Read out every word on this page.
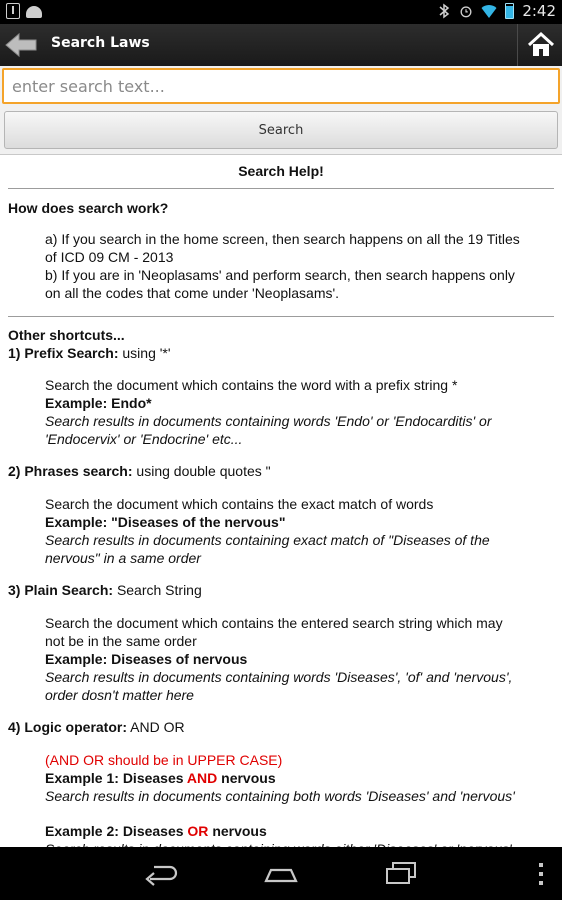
2:42
Search Laws
enter search text...
Search
Search Help!
How does search work?
a) If you search in the home screen, then search happens on all the 19 Titles
of ICD 09 CM - 2013
b) If you are in 'Neoplasams' and perform search, then search happens only
on all the codes that come under 'Neoplasams'.
Other shortcuts...
1) Prefix Search: using '*'
Search the document which contains the word with a prefix string *
Example: Endo*
Search results in documents containing words 'Endo' or 'Endocarditis' or
'Endocervix' or 'Endocrine' etc...
2) Phrases search: using double quotes "
Search the document which contains the exact match of words
Example: "Diseases of the nervous"
Search results in documents containing exact match of "Diseases of the
nervous" in a same order
3) Plain Search: Search String
Search the document which contains the entered search string which may
not be in the same order
Example: Diseases of nervous
Search results in documents containing words 'Diseases', 'of' and 'nervous',
order dosn't matter here
4) Logic operator: AND OR
(AND OR should be in UPPER CASE)
Example 1: Diseases AND nervous
Search results in documents containing both words 'Diseases' and 'nervous'
Example 2: Diseases OR nervous
